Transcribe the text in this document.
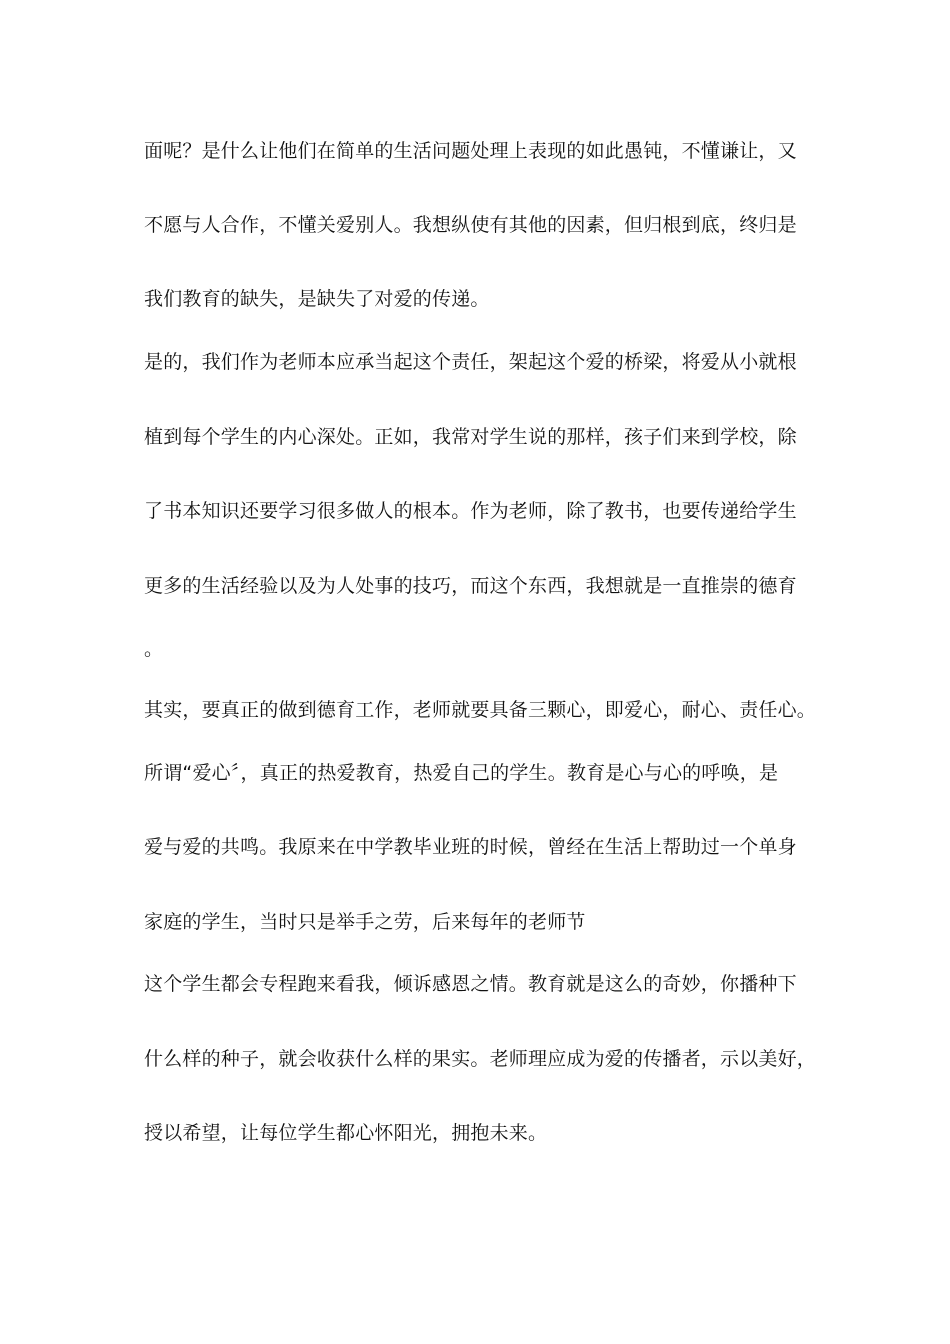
面呢？是什么让他们在简单的生活问题处理上表现的如此愚钝，不懂谦让，又
不愿与人合作，不懂关爱别人。我想纵使有其他的因素，但归根到底，终归是
我们教育的缺失，是缺失了对爱的传递。
是的，我们作为老师本应承当起这个责任，架起这个爱的桥梁，将爱从小就根
植到每个学生的内心深处。正如，我常对学生说的那样，孩子们来到学校，除
了书本知识还要学习很多做人的根本。作为老师，除了教书，也要传递给学生
更多的生活经验以及为人处事的技巧，而这个东西，我想就是一直推崇的德育
。
其实，要真正的做到德育工作，老师就要具备三颗心，即爱心，耐心、责任心。
所谓“爱心〞，真正的热爱教育，热爱自己的学生。教育是心与心的呼唤，是
爱与爱的共鸣。我原来在中学教毕业班的时候，曾经在生活上帮助过一个单身
家庭的学生，当时只是举手之劳，后来每年的老师节
这个学生都会专程跑来看我，倾诉感恩之情。教育就是这么的奇妙，你播种下
什么样的种子，就会收获什么样的果实。老师理应成为爱的传播者，示以美好，
授以希望，让每位学生都心怀阳光，拥抱未来。
